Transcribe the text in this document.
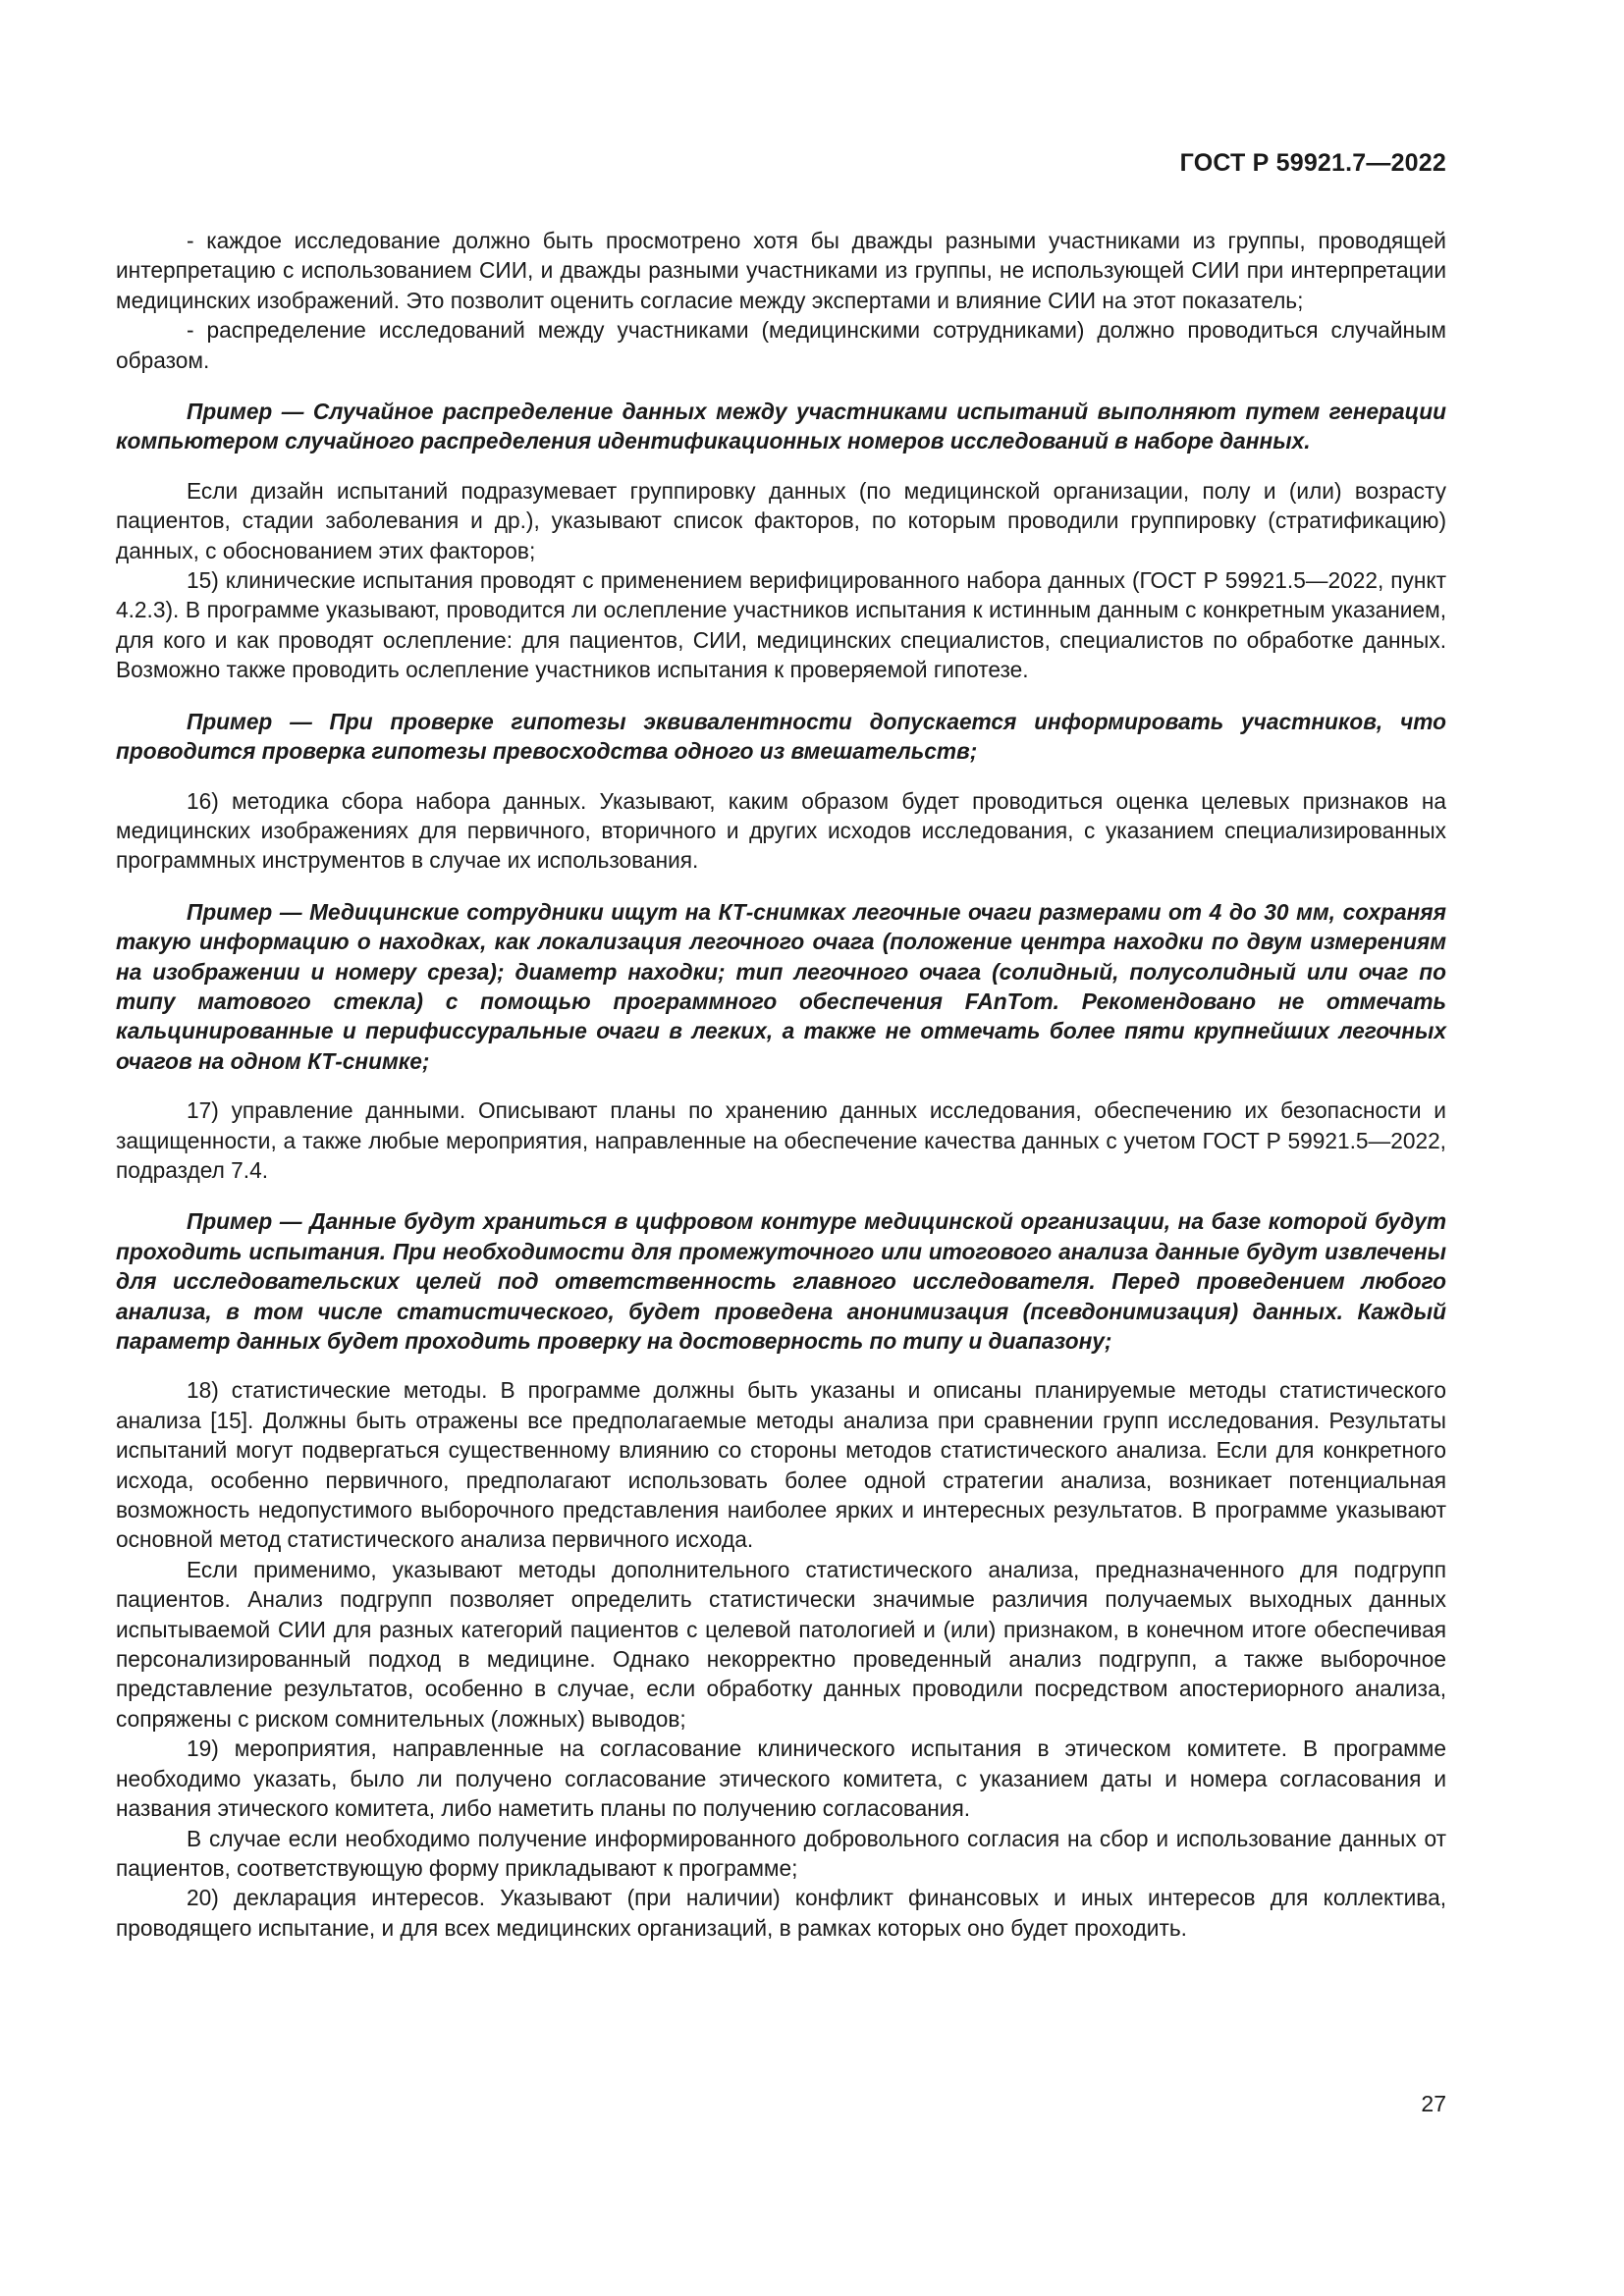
ГОСТ Р 59921.7—2022

- каждое исследование должно быть просмотрено хотя бы дважды разными участниками из группы, проводящей интерпретацию с использованием СИИ, и дважды разными участниками из группы, не использующей СИИ при интерпретации медицинских изображений. Это позволит оценить согласие между экспертами и влияние СИИ на этот показатель;

- распределение исследований между участниками (медицинскими сотрудниками) должно проводиться случайным образом.

Пример — Случайное распределение данных между участниками испытаний выполняют путем генерации компьютером случайного распределения идентификационных номеров исследований в наборе данных.

Если дизайн испытаний подразумевает группировку данных (по медицинской организации, полу и (или) возрасту пациентов, стадии заболевания и др.), указывают список факторов, по которым проводили группировку (стратификацию) данных, с обоснованием этих факторов;

15) клинические испытания проводят с применением верифицированного набора данных (ГОСТ Р 59921.5—2022, пункт 4.2.3). В программе указывают, проводится ли ослепление участников испытания к истинным данным с конкретным указанием, для кого и как проводят ослепление: для пациентов, СИИ, медицинских специалистов, специалистов по обработке данных. Возможно также проводить ослепление участников испытания к проверяемой гипотезе.

Пример — При проверке гипотезы эквивалентности допускается информировать участников, что проводится проверка гипотезы превосходства одного из вмешательств;

16) методика сбора набора данных. Указывают, каким образом будет проводиться оценка целевых признаков на медицинских изображениях для первичного, вторичного и других исходов исследования, с указанием специализированных программных инструментов в случае их использования.

Пример — Медицинские сотрудники ищут на КТ-снимках легочные очаги размерами от 4 до 30 мм, сохраняя такую информацию о находках, как локализация легочного очага (положение центра находки по двум измерениям на изображении и номеру среза); диаметр находки; тип легочного очага (солидный, полусолидный или очаг по типу матового стекла) с помощью программного обеспечения FAnTom. Рекомендовано не отмечать кальцинированные и перифиссуральные очаги в легких, а также не отмечать более пяти крупнейших легочных очагов на одном КТ-снимке;

17) управление данными. Описывают планы по хранению данных исследования, обеспечению их безопасности и защищенности, а также любые мероприятия, направленные на обеспечение качества данных с учетом ГОСТ Р 59921.5—2022, подраздел 7.4.

Пример — Данные будут храниться в цифровом контуре медицинской организации, на базе которой будут проходить испытания. При необходимости для промежуточного или итогового анализа данные будут извлечены для исследовательских целей под ответственность главного исследователя. Перед проведением любого анализа, в том числе статистического, будет проведена анонимизация (псевдонимизация) данных. Каждый параметр данных будет проходить проверку на достоверность по типу и диапазону;

18) статистические методы. В программе должны быть указаны и описаны планируемые методы статистического анализа [15]. Должны быть отражены все предполагаемые методы анализа при сравнении групп исследования. Результаты испытаний могут подвергаться существенному влиянию со стороны методов статистического анализа. Если для конкретного исхода, особенно первичного, предполагают использовать более одной стратегии анализа, возникает потенциальная возможность недопустимого выборочного представления наиболее ярких и интересных результатов. В программе указывают основной метод статистического анализа первичного исхода.

Если применимо, указывают методы дополнительного статистического анализа, предназначенного для подгрупп пациентов. Анализ подгрупп позволяет определить статистически значимые различия получаемых выходных данных испытываемой СИИ для разных категорий пациентов с целевой патологией и (или) признаком, в конечном итоге обеспечивая персонализированный подход в медицине. Однако некорректно проведенный анализ подгрупп, а также выборочное представление результатов, особенно в случае, если обработку данных проводили посредством апостериорного анализа, сопряжены с риском сомнительных (ложных) выводов;

19) мероприятия, направленные на согласование клинического испытания в этическом комитете. В программе необходимо указать, было ли получено согласование этического комитета, с указанием даты и номера согласования и названия этического комитета, либо наметить планы по получению согласования.

В случае если необходимо получение информированного добровольного согласия на сбор и использование данных от пациентов, соответствующую форму прикладывают к программе;

20) декларация интересов. Указывают (при наличии) конфликт финансовых и иных интересов для коллектива, проводящего испытание, и для всех медицинских организаций, в рамках которых оно будет проходить.

27
